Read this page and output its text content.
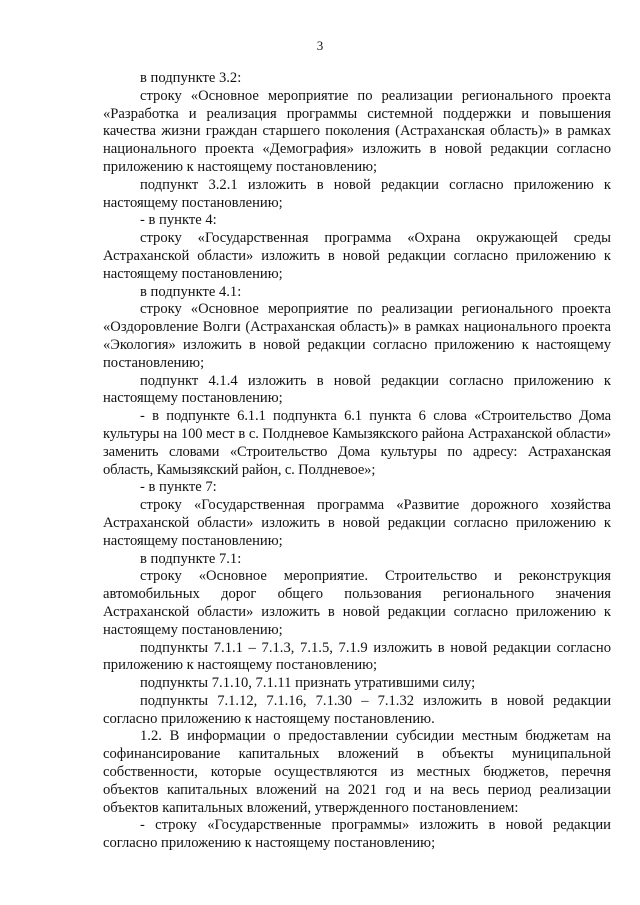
3

в подпункте 3.2:

строку «Основное мероприятие по реализации регионального проекта «Разработка и реализация программы системной поддержки и повышения качества жизни граждан старшего поколения (Астраханская область)» в рамках национального проекта «Демография» изложить в новой редакции согласно приложению к настоящему постановлению;

подпункт 3.2.1 изложить в новой редакции согласно приложению к настоящему постановлению;

- в пункте 4:

строку «Государственная программа «Охрана окружающей среды Астраханской области» изложить в новой редакции согласно приложению к настоящему постановлению;

в подпункте 4.1:

строку «Основное мероприятие по реализации регионального проекта «Оздоровление Волги (Астраханская область)» в рамках национального проекта «Экология» изложить в новой редакции согласно приложению к настоящему постановлению;

подпункт 4.1.4 изложить в новой редакции согласно приложению к настоящему постановлению;

- в подпункте 6.1.1 подпункта 6.1 пункта 6 слова «Строительство Дома культуры на 100 мест в с. Полдневое Камызякского района Астраханской области» заменить словами «Строительство Дома культуры по адресу: Астраханская область, Камызякский район, с. Полдневое»;

- в пункте 7:

строку «Государственная программа «Развитие дорожного хозяйства Астраханской области» изложить в новой редакции согласно приложению к настоящему постановлению;

в подпункте 7.1:

строку «Основное мероприятие. Строительство и реконструкция автомобильных дорог общего пользования регионального значения Астраханской области» изложить в новой редакции согласно приложению к настоящему постановлению;

подпункты 7.1.1 – 7.1.3, 7.1.5, 7.1.9 изложить в новой редакции согласно приложению к настоящему постановлению;

подпункты 7.1.10, 7.1.11 признать утратившими силу;

подпункты 7.1.12, 7.1.16, 7.1.30 – 7.1.32 изложить в новой редакции согласно приложению к настоящему постановлению.

1.2. В информации о предоставлении субсидии местным бюджетам на софинансирование капитальных вложений в объекты муниципальной собственности, которые осуществляются из местных бюджетов, перечня объектов капитальных вложений на 2021 год и на весь период реализации объектов капитальных вложений, утвержденного постановлением:

- строку «Государственные программы» изложить в новой редакции согласно приложению к настоящему постановлению;
